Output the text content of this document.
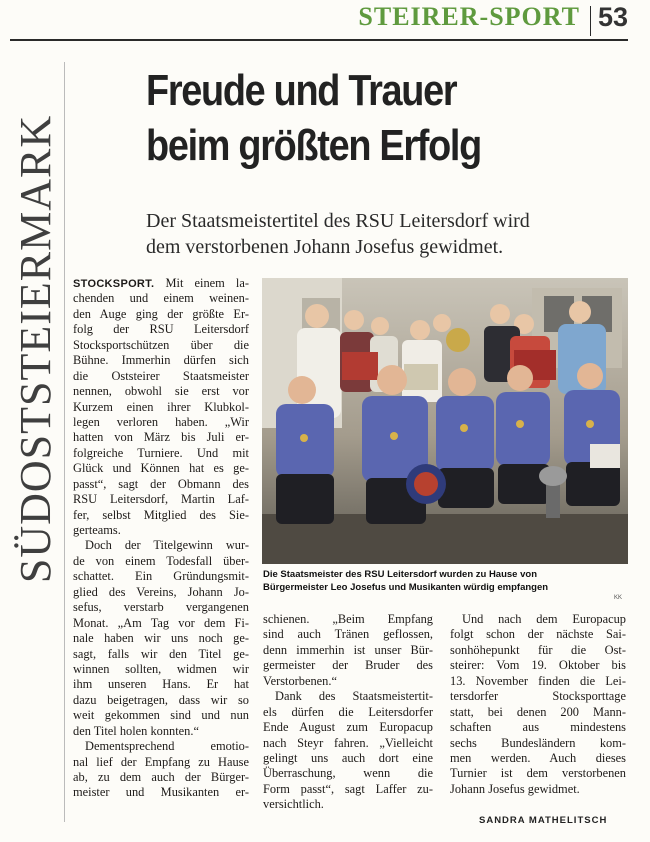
STEIRER-SPORT 53
SÜDOSTSTEIERMARK
Freude und Trauer
beim größten Erfolg
Der Staatsmeistertitel des RSU Leitersdorf wird
dem verstorbenen Johann Josefus gewidmet.
Die Staatsmeister des RSU Leitersdorf wurden zu Hause von
Bürgermeister Leo Josefus und Musikanten würdig empfangen
KK
STOCKSPORT. Mit einem la-
chenden und einem weinen-
den Auge ging der größte Er-
folg der RSU Leitersdorf
Stocksportschützen über die
Bühne. Immerhin dürfen sich
die Oststeirer Staatsmeister
nennen, obwohl sie erst vor
Kurzem einen ihrer Klubkol-
legen verloren haben. „Wir
hatten von März bis Juli er-
folgreiche Turniere. Und mit
Glück und Können hat es ge-
passt“, sagt der Obmann des
RSU Leitersdorf, Martin Laf-
fer, selbst Mitglied des Sie-
gerteams.
Doch der Titelgewinn wur-
de von einem Todesfall über-
schattet. Ein Gründungsmit-
glied des Vereins, Johann Jo-
sefus, verstarb vergangenen
Monat. „Am Tag vor dem Fi-
nale haben wir uns noch ge-
sagt, falls wir den Titel ge-
winnen sollten, widmen wir
ihm unseren Hans. Er hat
dazu beigetragen, dass wir so
weit gekommen sind und nun
den Titel holen konnten.“
Dementsprechend emotio-
nal lief der Empfang zu Hause
ab, zu dem auch der Bürger-
meister und Musikanten er-
schienen. „Beim Empfang
sind auch Tränen geflossen,
denn immerhin ist unser Bür-
germeister der Bruder des
Verstorbenen.“
Dank des Staatsmeistertit-
els dürfen die Leitersdorfer
Ende August zum Europacup
nach Steyr fahren. „Vielleicht
gelingt uns auch dort eine
Überraschung, wenn die
Form passt“, sagt Laffer zu-
versichtlich.
Und nach dem Europacup
folgt schon der nächste Sai-
sonhöhepunkt für die Ost-
steirer: Vom 19. Oktober bis
13. November finden die Lei-
tersdorfer Stocksporttage
statt, bei denen 200 Mann-
schaften aus mindestens
sechs Bundesländern kom-
men werden. Auch dieses
Turnier ist dem verstorbenen
Johann Josefus gewidmet.
SANDRA MATHELITSCH
